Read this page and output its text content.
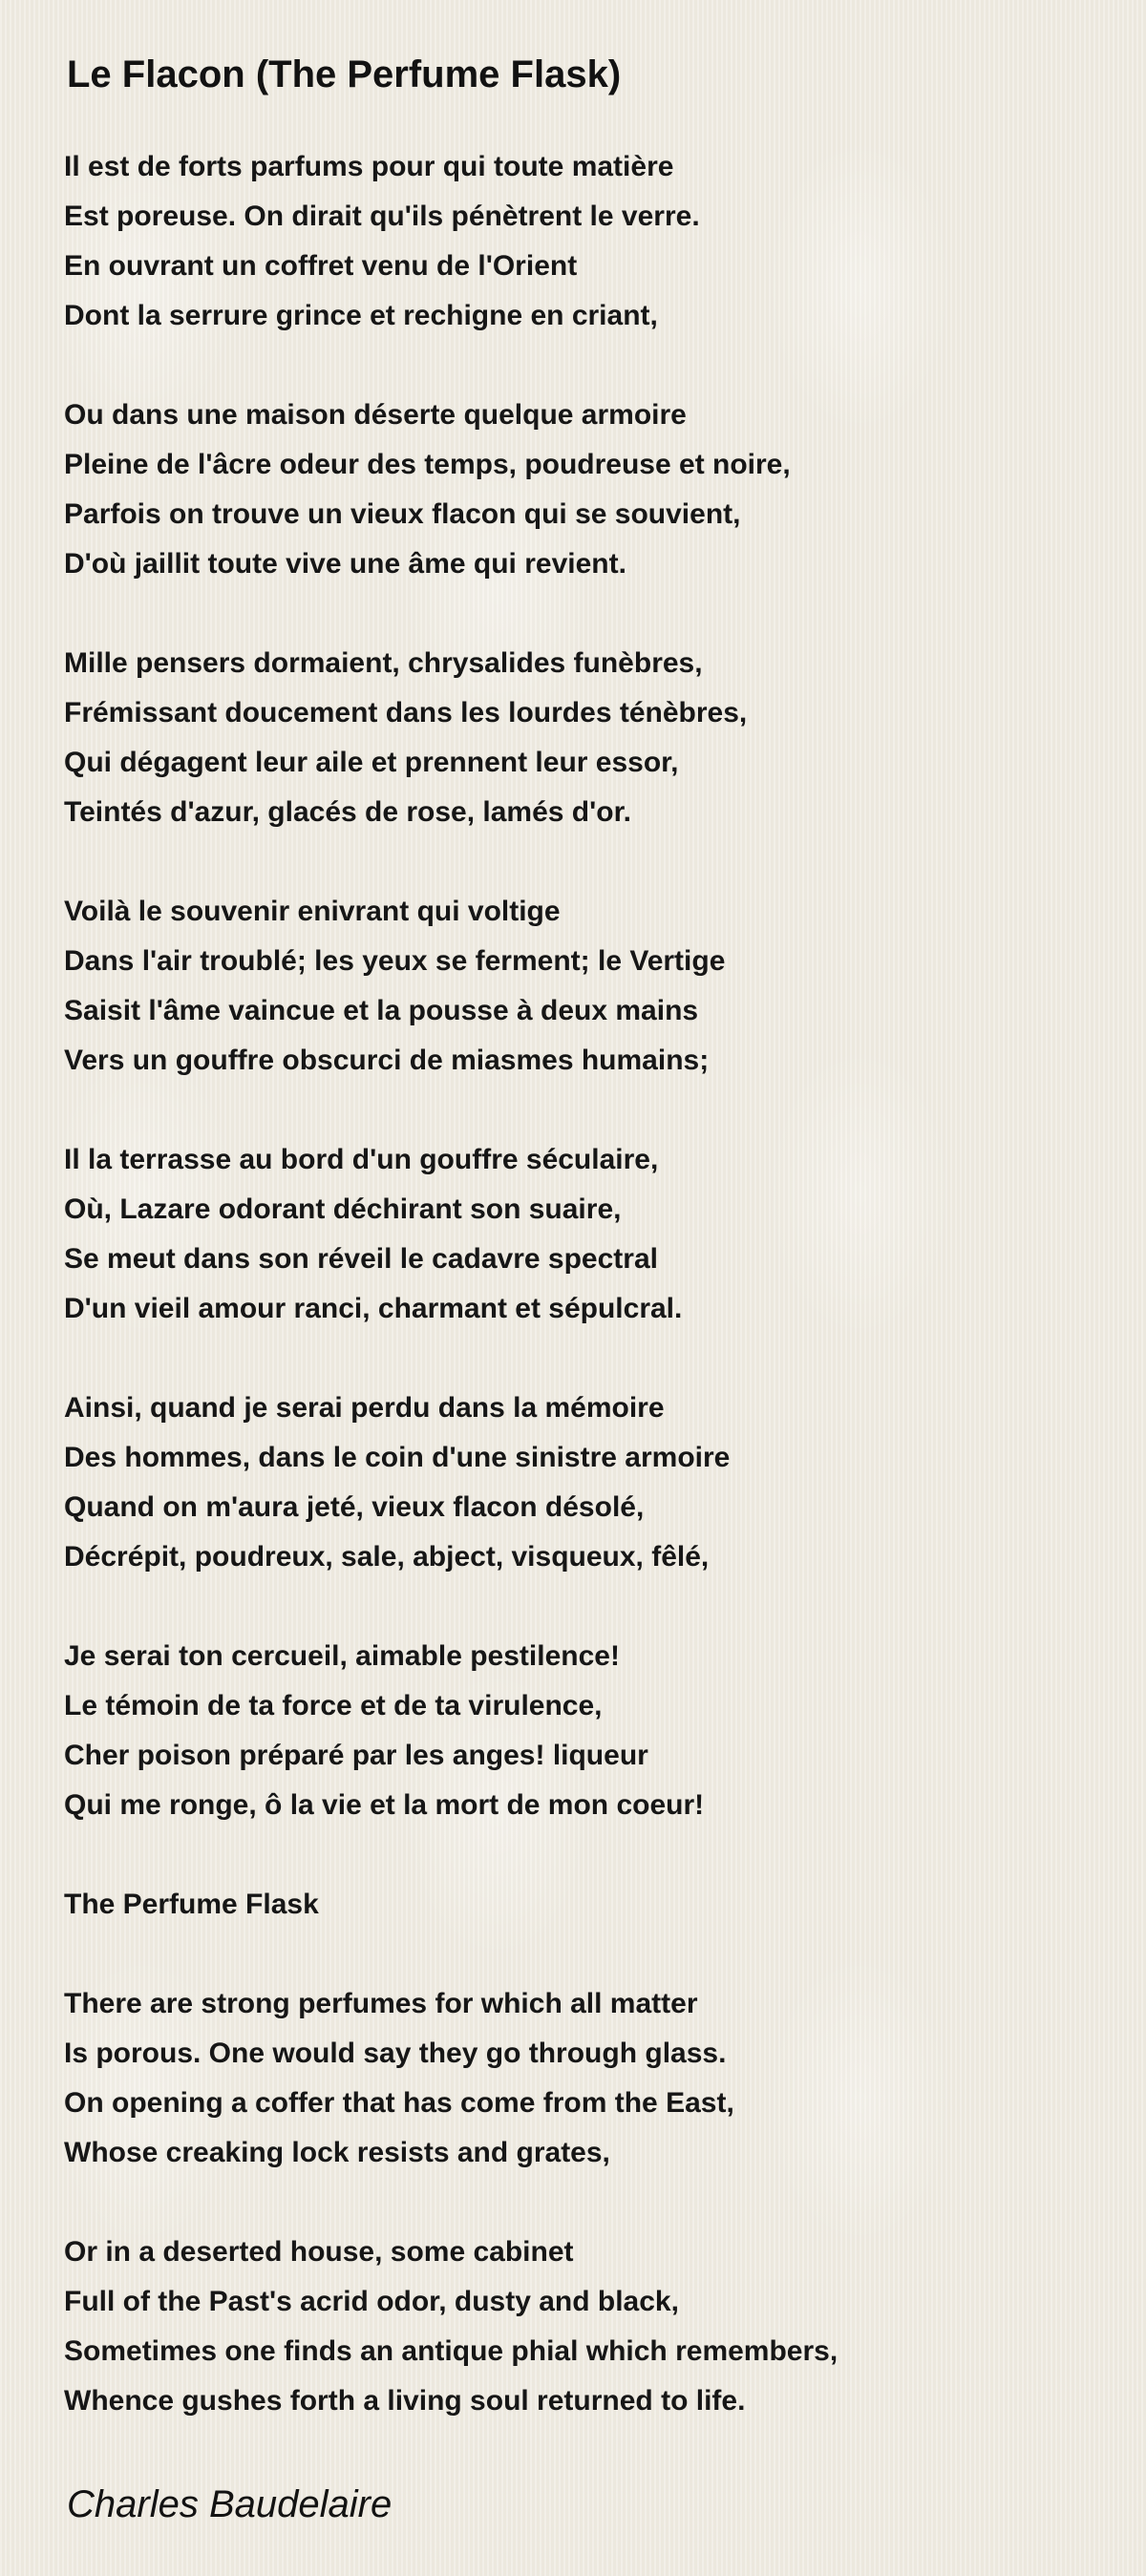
Le Flacon (The Perfume Flask)
Il est de forts parfums pour qui toute matière
Est poreuse. On dirait qu'ils pénètrent le verre.
En ouvrant un coffret venu de l'Orient
Dont la serrure grince et rechigne en criant,
Ou dans une maison déserte quelque armoire
Pleine de l'âcre odeur des temps, poudreuse et noire,
Parfois on trouve un vieux flacon qui se souvient,
D'où jaillit toute vive une âme qui revient.
Mille pensers dormaient, chrysalides funèbres,
Frémissant doucement dans les lourdes ténèbres,
Qui dégagent leur aile et prennent leur essor,
Teintés d'azur, glacés de rose, lamés d'or.
Voilà le souvenir enivrant qui voltige
Dans l'air troublé; les yeux se ferment; le Vertige
Saisit l'âme vaincue et la pousse à deux mains
Vers un gouffre obscurci de miasmes humains;
Il la terrasse au bord d'un gouffre séculaire,
Où, Lazare odorant déchirant son suaire,
Se meut dans son réveil le cadavre spectral
D'un vieil amour ranci, charmant et sépulcral.
Ainsi, quand je serai perdu dans la mémoire
Des hommes, dans le coin d'une sinistre armoire
Quand on m'aura jeté, vieux flacon désolé,
Décrépit, poudreux, sale, abject, visqueux, fêlé,
Je serai ton cercueil, aimable pestilence!
Le témoin de ta force et de ta virulence,
Cher poison préparé par les anges! liqueur
Qui me ronge, ô la vie et la mort de mon coeur!
The Perfume Flask
There are strong perfumes for which all matter
Is porous. One would say they go through glass.
On opening a coffer that has come from the East,
Whose creaking lock resists and grates,
Or in a deserted house, some cabinet
Full of the Past's acrid odor, dusty and black,
Sometimes one finds an antique phial which remembers,
Whence gushes forth a living soul returned to life.

Charles Baudelaire
